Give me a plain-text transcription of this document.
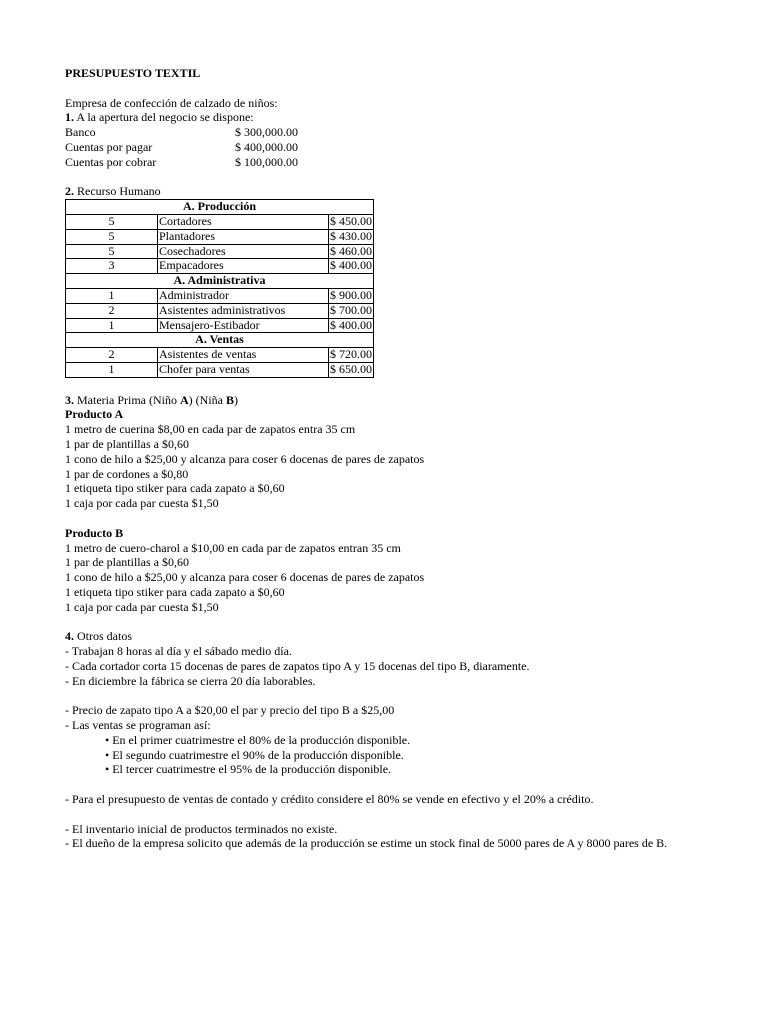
PRESUPUESTO TEXTIL
Empresa de confección de calzado de niños:
1. A la apertura del negocio se dispone:
Banco	$ 300,000.00
Cuentas por pagar	$ 400,000.00
Cuentas por cobrar	$ 100,000.00
2. Recurso Humano
A. Producción		
5	Cortadores	$ 450.00
5	Plantadores	$ 430.00
5	Cosechadores	$ 460.00
3	Empacadores	$ 400.00
A. Administrativa		
1	Administrador	$ 900.00
2	Asistentes administrativos	$ 700.00
1	Mensajero-Estibador	$ 400.00
A. Ventas		
2	Asistentes de ventas	$ 720.00
1	Chofer para ventas	$ 650.00
3. Materia Prima (Niño A) (Niña B)
Producto A
1 metro de cuerina $8,00 en cada par de zapatos entra 35 cm
1 par de plantillas a $0,60
1 cono de hilo a $25,00 y alcanza para coser 6 docenas de pares de zapatos
1 par de cordones a $0,80
1 etiqueta tipo stiker para cada zapato a $0,60
1 caja por cada par cuesta $1,50
Producto B
1 metro de cuero-charol a $10,00 en cada par de zapatos entran 35 cm
1 par de plantillas a $0,60
1 cono de hilo a $25,00 y alcanza para coser 6 docenas de pares de zapatos
1 etiqueta tipo stiker para cada zapato a $0,60
1 caja por cada par cuesta $1,50
4. Otros datos
- Trabajan 8 horas al día y el sábado medio día.
- Cada cortador corta 15 docenas de pares de zapatos tipo A y 15 docenas del tipo B, diaramente.
- En diciembre la fábrica se cierra 20 día laborables.
- Precio de zapato tipo A a $20,00 el par y precio del tipo B a $25,00
- Las ventas se programan así:
• En el primer cuatrimestre el 80% de la producción disponible.
• El segundo cuatrimestre el 90% de la producción disponible.
• El tercer cuatrimestre el 95% de la producción disponible.
- Para el presupuesto de ventas de contado y crédito considere el 80% se vende en efectivo y el 20% a crédito.
- El inventario inicial de productos terminados no existe.
- El dueño de la empresa solicito que además de la producción se estime un stock final de 5000 pares de A y 8000 pares de B.
